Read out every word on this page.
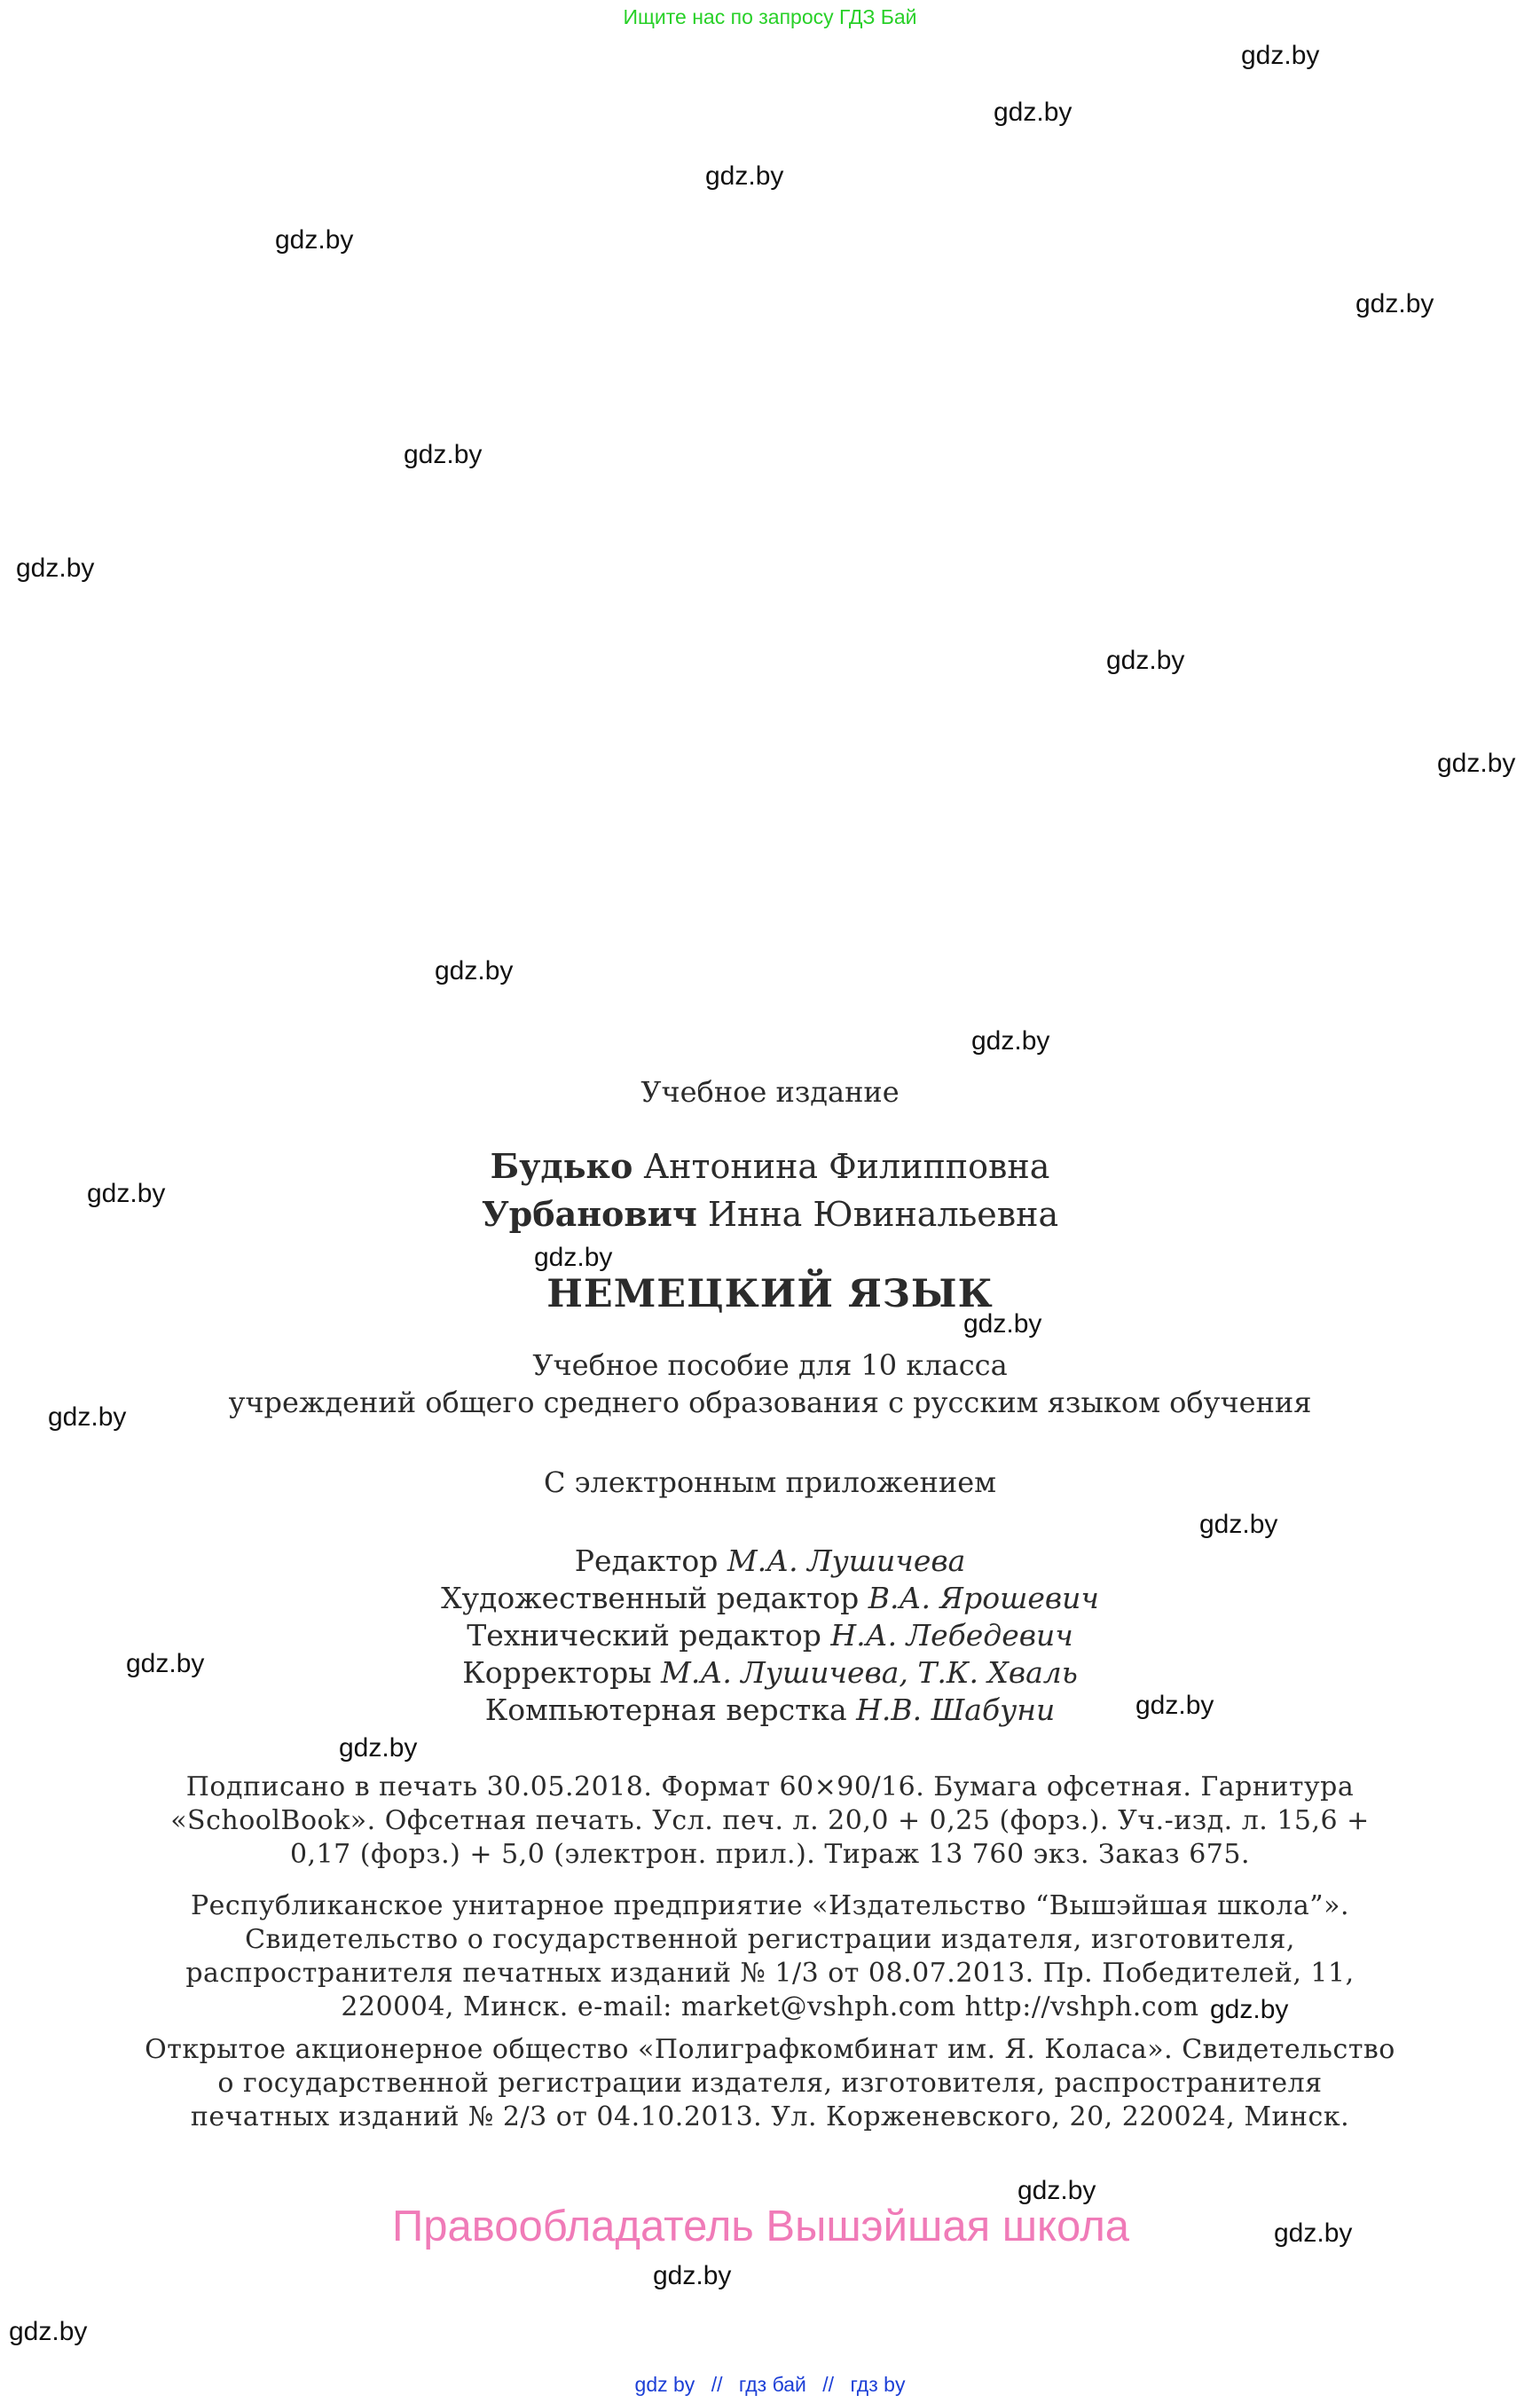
Ищите нас по запросу ГДЗ Бай
gdz.by
gdz.by
gdz.by
gdz.by
gdz.by
gdz.by
gdz.by
gdz.by
gdz.by
gdz.by
gdz.by
gdz.by
gdz.by
gdz.by
gdz.by
gdz.by
gdz.by
gdz.by
gdz.by
gdz.by
gdz.by
gdz.by
gdz.by
gdz.by
Учебное издание
Будько Антонина Филипповна
Урбанович Инна Ювинальевна
НЕМЕЦКИЙ ЯЗЫК
Учебное пособие для 10 класса
учреждений общего среднего образования с русским языком обучения
С электронным приложением
Редактор М.А. Лушичева
Художественный редактор В.А. Ярошевич
Технический редактор Н.А. Лебедевич
Корректоры М.А. Лушичева, Т.К. Хваль
Компьютерная верстка Н.В. Шабуни
Подписано в печать 30.05.2018. Формат 60×90/16. Бумага офсетная. Гарнитура
«SchoolBook». Офсетная печать. Усл. печ. л. 20,0 + 0,25 (форз.). Уч.-изд. л. 15,6 +
0,17 (форз.) + 5,0 (электрон. прил.). Тираж 13 760 экз. Заказ 675.
Республиканское унитарное предприятие «Издательство “Вышэйшая школа”».
Свидетельство о государственной регистрации издателя, изготовителя,
распространителя печатных изданий № 1/3 от 08.07.2013. Пр. Победителей, 11,
220004, Минск. e-mail: market@vshph.com http://vshph.com
Открытое акционерное общество «Полиграфкомбинат им. Я. Коласа». Свидетельство
о государственной регистрации издателя, изготовителя, распространителя
печатных изданий № 2/3 от 04.10.2013. Ул. Корженевского, 20, 220024, Минск.
Правообладатель Вышэйшая школа
gdz by // гдз бай // гдз by
